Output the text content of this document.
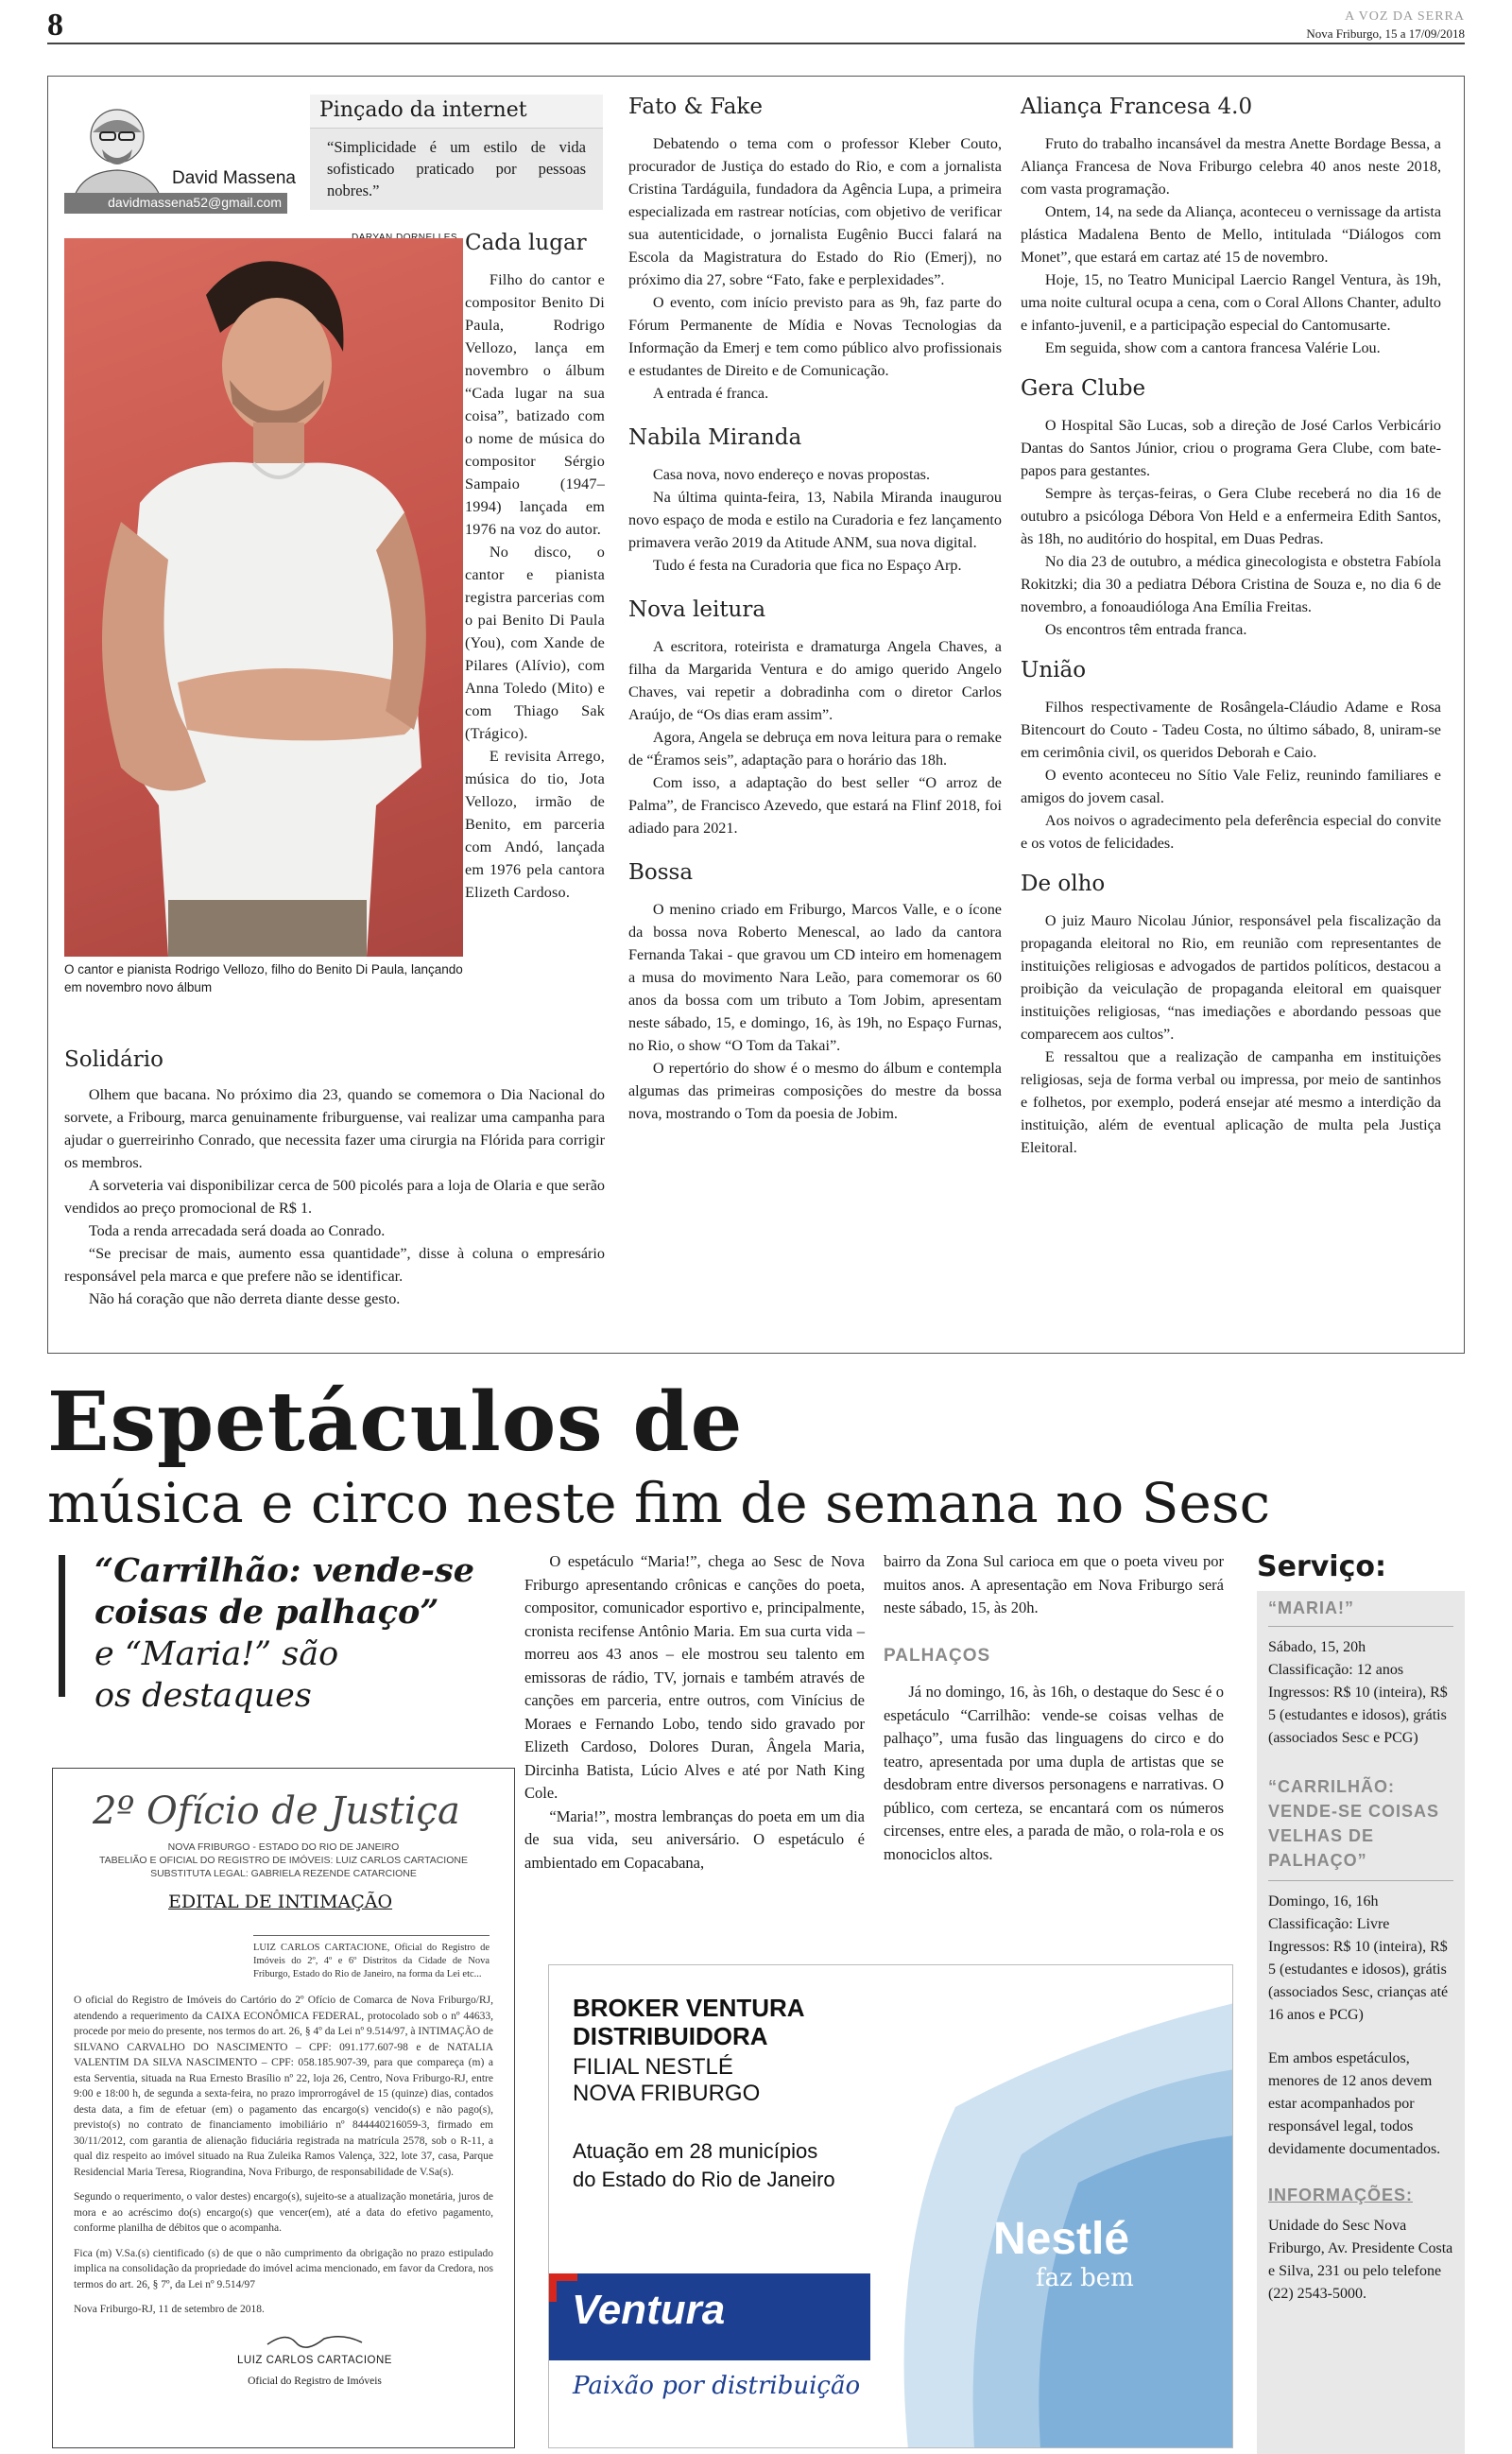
8	A VOZ DA SERRA
Nova Friburgo, 15 a 17/09/2018
David Massena
davidmassena52@gmail.com
Pinçado da internet
“Simplicidade é um estilo de vida sofisticado praticado por pessoas nobres.”
O cantor e pianista Rodrigo Vellozo, filho do Benito Di Paula, lançando em novembro novo álbum
Cada lugar

Filho do cantor e compositor Benito Di Paula, Rodrigo Vellozo, lança em novembro o álbum “Cada lugar na sua coisa”, batizado com o nome de música do compositor Sérgio Sampaio (1947–1994) lançada em 1976 na voz do autor.

No disco, o cantor e pianista registra parcerias com o pai Benito Di Paula (You), com Xande de Pilares (Alívio), com Anna Toledo (Mito) e com Thiago Sak (Trágico).

E revisita Arrego, música do tio, Jota Vellozo, irmão de Benito, em parceria com Andó, lançada em 1976 pela cantora Elizeth Cardoso.

Solidário

Olhem que bacana. No próximo dia 23, quando se comemora o Dia Nacional do sorvete, a Fribourg, marca genuinamente friburguense, vai realizar uma campanha para ajudar o guerreirinho Conrado, que necessita fazer uma cirurgia na Flórida para corrigir os membros.

A sorveteria vai disponibilizar cerca de 500 picolés para a loja de Olaria e que serão vendidos ao preço promocional de R$ 1.

Toda a renda arrecadada será doada ao Conrado.

“Se precisar de mais, aumento essa quantidade”, disse à coluna o empresário responsável pela marca e que prefere não se identificar.

Não há coração que não derreta diante desse gesto.

Fato & Fake

Debatendo o tema com o professor Kleber Couto, procurador de Justiça do estado do Rio, e com a jornalista Cristina Tardáguila, fundadora da Agência Lupa, a primeira especializada em rastrear notícias, com objetivo de verificar sua autenticidade, o jornalista Eugênio Bucci falará na Escola da Magistratura do Estado do Rio (Emerj), no próximo dia 27, sobre “Fato, fake e perplexidades”.

O evento, com início previsto para as 9h, faz parte do Fórum Permanente de Mídia e Novas Tecnologias da Informação da Emerj e tem como público alvo profissionais e estudantes de Direito e de Comunicação.

A entrada é franca.

Nabila Miranda

Casa nova, novo endereço e novas propostas.

Na última quinta-feira, 13, Nabila Miranda inaugurou novo espaço de moda e estilo na Curadoria e fez lançamento primavera verão 2019 da Atitude ANM, sua nova digital.

Tudo é festa na Curadoria que fica no Espaço Arp.

Nova leitura

A escritora, roteirista e dramaturga Angela Chaves, a filha da Margarida Ventura e do amigo querido Angelo Chaves, vai repetir a dobradinha com o diretor Carlos Araújo, de “Os dias eram assim”.

Agora, Angela se debruça em nova leitura para o remake de “Éramos seis”, adaptação para o horário das 18h.

Com isso, a adaptação do best seller “O arroz de Palma”, de Francisco Azevedo, que estará na Flinf 2018, foi adiado para 2021.

Bossa

O menino criado em Friburgo, Marcos Valle, e o ícone da bossa nova Roberto Menescal, ao lado da cantora Fernanda Takai - que gravou um CD inteiro em homenagem a musa do movimento Nara Leão, para comemorar os 60 anos da bossa com um tributo a Tom Jobim, apresentam neste sábado, 15, e domingo, 16, às 19h, no Espaço Furnas, no Rio, o show “O Tom da Takai”.

O repertório do show é o mesmo do álbum e contempla algumas das primeiras composições do mestre da bossa nova, mostrando o Tom da poesia de Jobim.

Aliança Francesa 4.0

Fruto do trabalho incansável da mestra Anette Bordage Bessa, a Aliança Francesa de Nova Friburgo celebra 40 anos neste 2018, com vasta programação.

Ontem, 14, na sede da Aliança, aconteceu o vernissage da artista plástica Madalena Bento de Mello, intitulada “Diálogos com Monet”, que estará em cartaz até 15 de novembro.

Hoje, 15, no Teatro Municipal Laercio Rangel Ventura, às 19h, uma noite cultural ocupa a cena, com o Coral Allons Chanter, adulto e infanto-juvenil, e a participação especial do Cantomusarte.

Em seguida, show com a cantora francesa Valérie Lou.

Gera Clube

O Hospital São Lucas, sob a direção de José Carlos Verbicário Dantas do Santos Júnior, criou o programa Gera Clube, com bate-papos para gestantes.

Sempre às terças-feiras, o Gera Clube receberá no dia 16 de outubro a psicóloga Débora Von Held e a enfermeira Edith Santos, às 18h, no auditório do hospital, em Duas Pedras.

No dia 23 de outubro, a médica ginecologista e obstetra Fabíola Rokitzki; dia 30 a pediatra Débora Cristina de Souza e, no dia 6 de novembro, a fonoaudióloga Ana Emília Freitas.

Os encontros têm entrada franca.

União

Filhos respectivamente de Rosângela-Cláudio Adame e Rosa Bitencourt do Couto - Tadeu Costa, no último sábado, 8, uniram-se em cerimônia civil, os queridos Deborah e Caio.

O evento aconteceu no Sítio Vale Feliz, reunindo familiares e amigos do jovem casal.

Aos noivos o agradecimento pela deferência especial do convite e os votos de felicidades.

De olho

O juiz Mauro Nicolau Júnior, responsável pela fiscalização da propaganda eleitoral no Rio, em reunião com representantes de instituições religiosas e advogados de partidos políticos, destacou a proibição da veiculação de propaganda eleitoral em quaisquer instituições religiosas, “nas imediações e abordando pessoas que comparecem aos cultos”.

E ressaltou que a realização de campanha em instituições religiosas, seja de forma verbal ou impressa, por meio de santinhos e folhetos, por exemplo, poderá ensejar até mesmo a interdição da instituição, além de eventual aplicação de multa pela Justiça Eleitoral.

Espetáculos de
música e circo neste fim de semana no Sesc
“Carrilhão: vende-se
coisas de palhaço”
e “Maria!” são
os destaques

O espetáculo “Maria!”, chega ao Sesc de Nova Friburgo apresentando crônicas e canções do poeta, compositor, comunicador esportivo e, principalmente, cronista recifense Antônio Maria. Em sua curta vida – morreu aos 43 anos – ele mostrou seu talento em emissoras de rádio, TV, jornais e também através de canções em parceria, entre outros, com Vinícius de Moraes e Fernando Lobo, tendo sido gravado por Elizeth Cardoso, Dolores Duran, Ângela Maria, Dircinha Batista, Lúcio Alves e até por Nath King Cole.

“Maria!”, mostra lembranças do poeta em um dia de sua vida, seu aniversário. O espetáculo é ambientado em Copacabana,

bairro da Zona Sul carioca em que o poeta viveu por muitos anos. A apresentação em Nova Friburgo será neste sábado, 15, às 20h.
PALHAÇOS

Já no domingo, 16, às 16h, o destaque do Sesc é o espetáculo “Carrilhão: vende-se coisas velhas de palhaço”, uma fusão das linguagens do circo e do teatro, apresentada por uma dupla de artistas que se desdobram entre diversos personagens e narrativas. O público, com certeza, se encantará com os números circenses, entre eles, a parada de mão, o rola-rola e os monociclos altos.

Serviço:
“MARIA!”
Sábado, 15, 20h Classificação: 12 anos Ingressos: R$ 10 (inteira), R$ 5 (estudantes e idosos), grátis (associados Sesc e PCG)
“CARRILHÃO: VENDE-SE COISAS VELHAS DE PALHAÇO”
Domingo, 16, 16h Classificação: Livre Ingressos: R$ 10 (inteira), R$ 5 (estudantes e idosos), grátis (associados Sesc, crianças até 16 anos e PCG)
Em ambos espetáculos, menores de 12 anos devem estar acompanhados por responsável legal, todos devidamente documentados.
INFORMAÇÕES:
Unidade do Sesc Nova Friburgo, Av. Presidente Costa e Silva, 231 ou pelo telefone (22) 2543-5000.
2º Ofício de Justiça
NOVA FRIBURGO - ESTADO DO RIO DE JANEIRO
TABELIÃO E OFICIAL DO REGISTRO DE IMÓVEIS: LUIZ CARLOS CARTACIONE
SUBSTITUTA LEGAL: GABRIELA REZENDE CATARCIONE
EDITAL DE INTIMAÇÃO
LUIZ CARLOS CARTACIONE, Oficial do Registro de Imóveis do 2º, 4º e 6º Distritos da Cidade de Nova Friburgo, Estado do Rio de Janeiro, na forma da Lei etc...
O oficial do Registro de Imóveis do Cartório do 2º Ofício de Comarca de Nova Friburgo/RJ, atendendo a requerimento da CAIXA ECONÔMICA FEDERAL, protocolado sob o nº 44633, procede por meio do presente, nos termos do art. 26, § 4º da Lei nº 9.514/97, à INTIMAÇÃO de SILVANO CARVALHO DO NASCIMENTO – CPF: 091.177.607-98 e de NATALIA VALENTIM DA SILVA NASCIMENTO – CPF: 058.185.907-39, para que compareça (m) a esta Serventia, situada na Rua Ernesto Brasílio nº 22, loja 26, Centro, Nova Friburgo-RJ, entre 9:00 e 18:00 h, de segunda a sexta-feira, no prazo improrrogável de 15 (quinze) dias, contados desta data, a fim de efetuar (em) o pagamento das encargo(s) vencido(s) e não pago(s), previsto(s) no contrato de financiamento imobiliário nº 844440216059-3, firmado em 30/11/2012, com garantia de alienação fiduciária registrada na matrícula 2578, sob o R-11, a qual diz respeito ao imóvel situado na Rua Zuleika Ramos Valença, 322, lote 37, casa, Parque Residencial Maria Teresa, Riograndina, Nova Friburgo, de responsabilidade de V.Sa(s).
Segundo o requerimento, o valor destes) encargo(s), sujeito-se a atualização monetária, juros de mora e ao acréscimo do(s) encargo(s) que vencer(em), até a data do efetivo pagamento, conforme planilha de débitos que o acompanha.
Fica (m) V.Sa.(s) cientificado (s) de que o não cumprimento da obrigação no prazo estipulado implica na consolidação da propriedade do imóvel acima mencionado, em favor da Credora, nos termos do art. 26, § 7º, da Lei nº 9.514/97
Nova Friburgo-RJ, 11 de setembro de 2018.
LUIZ CARLOS CARTACIONE
Oficial do Registro de Imóveis
BROKER VENTURA
DISTRIBUIDORA
FILIAL NESTLÉ
NOVA FRIBURGO
Atuação em 28 municípios
do Estado do Rio de Janeiro
Ventura
Paixão por distribuição
Nestlé
faz bem
